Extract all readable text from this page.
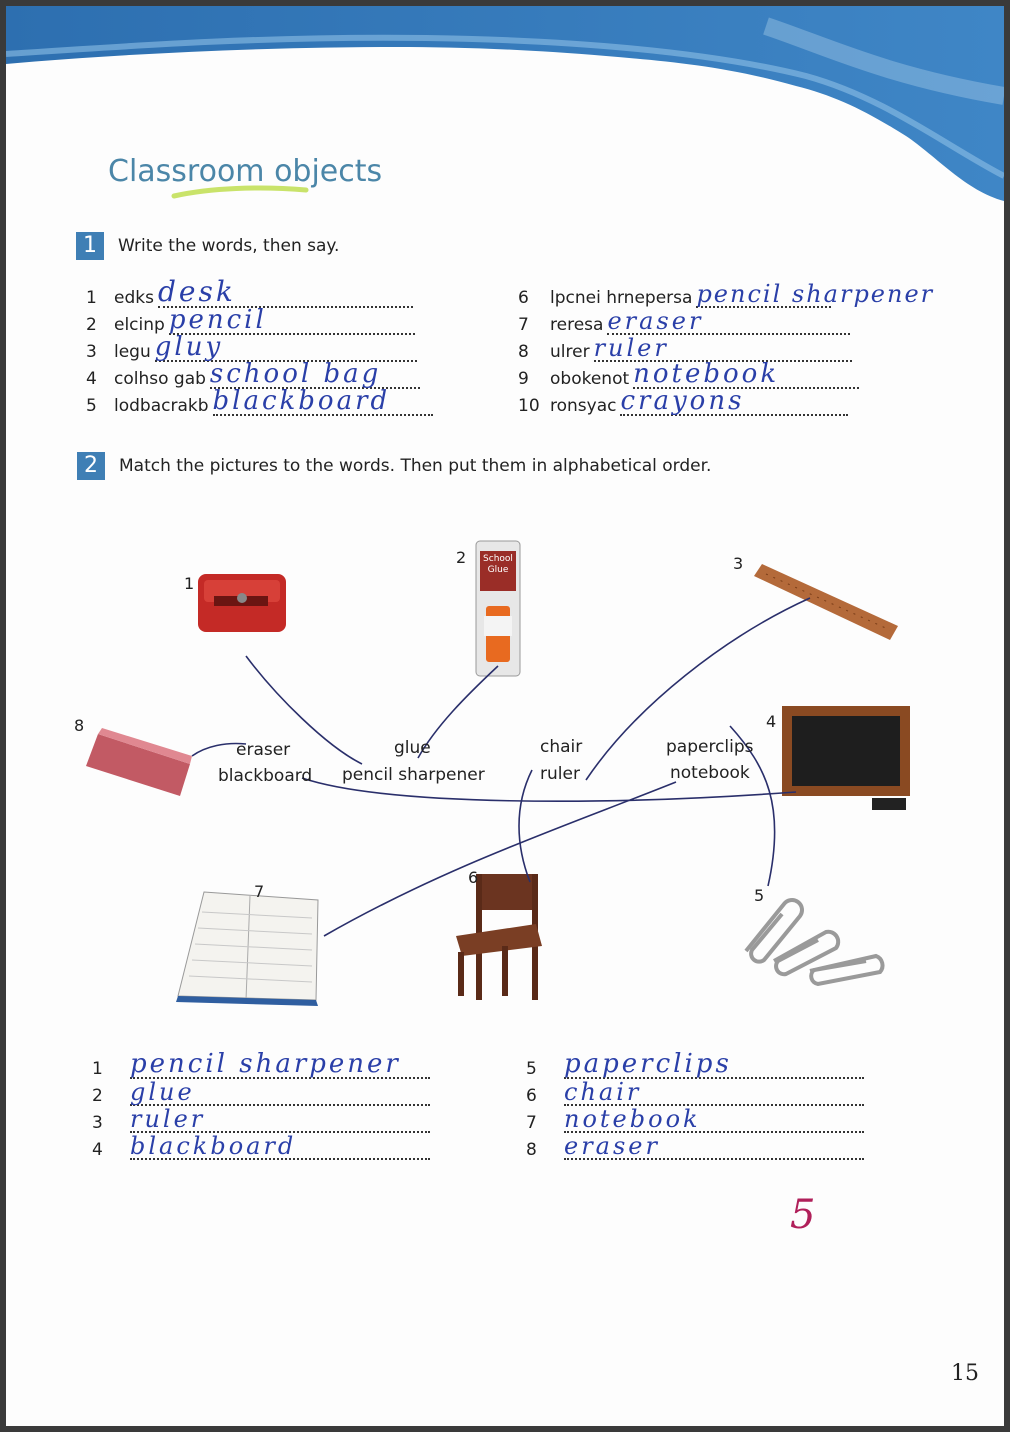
Classroom objects
1	Write the words, then say.
1	edks desk
2	elcinp pencil
3	legu gluy
4	colhso gab school bag
5	lodbacrakb blackboard
6	lpcnei hrnepersa pencil sharpener
7	reresa eraser
8	ulrer ruler
9	obokenot notebook
10 ronsyac crayons
2	Match the pictures to the words. Then put them in alphabetical order.
School
Glue
1
2	3
4
5
6
7
8
eraser
blackboard
glue
pencil sharpener
chair
ruler
paperclips
notebook
1	pencil sharpener
2	glue
3	ruler
4	blackboard
5	paperclips
6	chair
7	notebook
8	eraser
5
15
